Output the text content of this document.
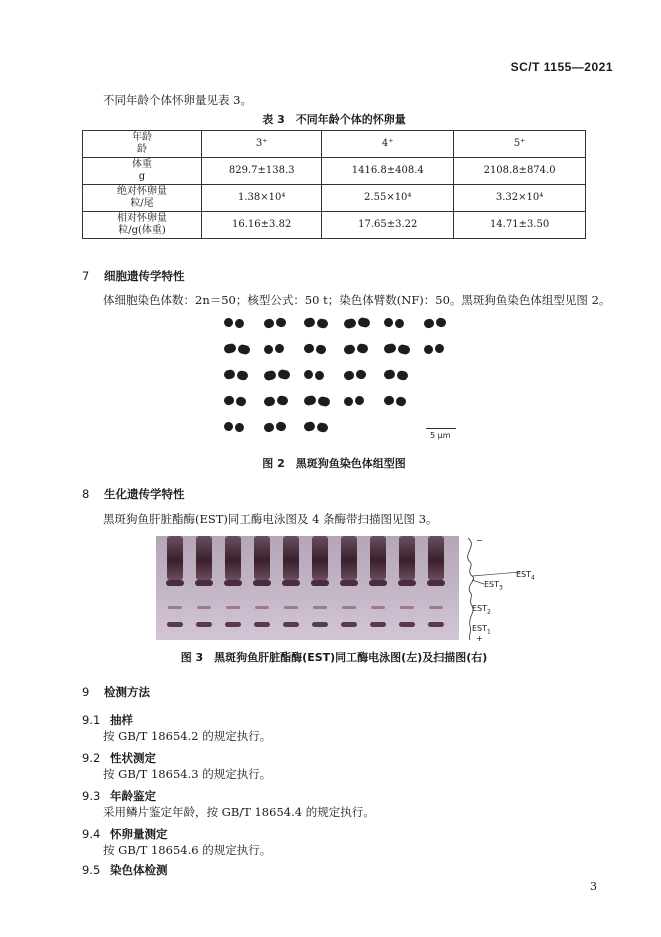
SC/T 1155—2021
不同年龄个体怀卵量见表 3。
表 3　不同年龄个体的怀卵量
年龄
龄	3⁺	4⁺	5⁺

体重
g	829.7±138.3	1416.8±408.4	2108.8±874.0

绝对怀卵量
粒/尾	1.38×10⁴	2.55×10⁴	3.32×10⁴

相对怀卵量
粒/g(体重)	16.16±3.82	17.65±3.22	14.71±3.50
7 细胞遗传学特性
体细胞染色体数：2n＝50；核型公式：50 t；染色体臂数(NF)：50。黑斑狗鱼染色体组型见图 2。
5 μm
图 2　黑斑狗鱼染色体组型图
8 生化遗传学特性
黑斑狗鱼肝脏酯酶(EST)同工酶电泳图及 4 条酶带扫描图见图 3。
−
$EST_4$
$EST_3$
$EST_2$
$EST_1$
+
图 3　黑斑狗鱼肝脏酯酶(EST)同工酶电泳图(左)及扫描图(右)
9 检测方法
9.1 抽样
按 GB/T 18654.2 的规定执行。
9.2 性状测定
按 GB/T 18654.3 的规定执行。
9.3 年龄鉴定
采用鳞片鉴定年龄，按 GB/T 18654.4 的规定执行。
9.4 怀卵量测定
按 GB/T 18654.6 的规定执行。
9.5 染色体检测
3
